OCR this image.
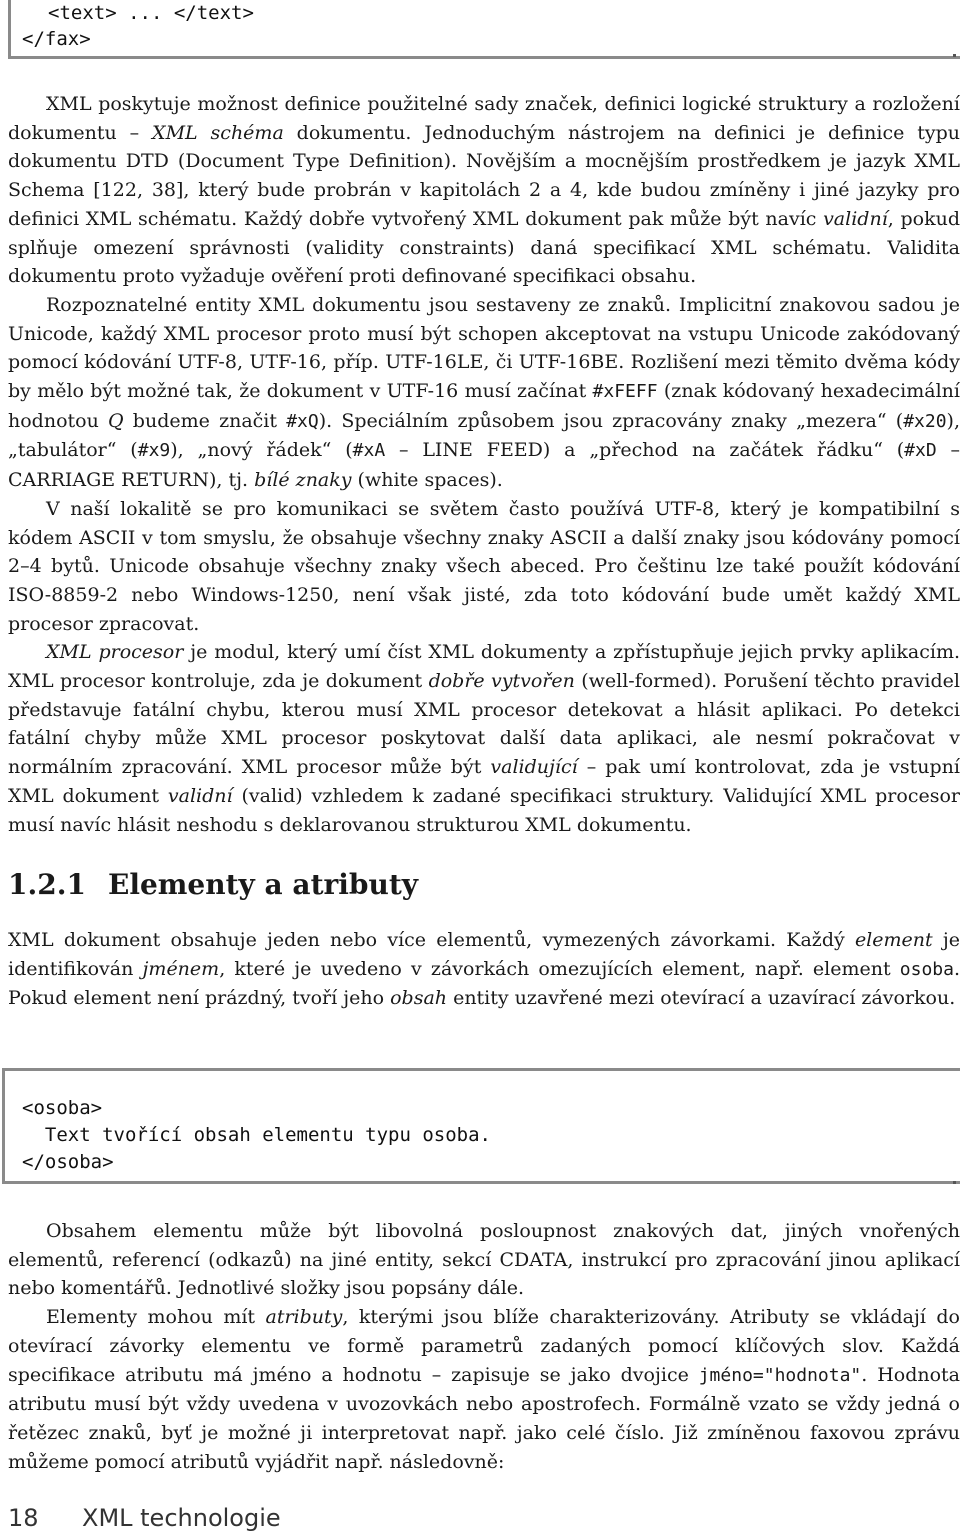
<text> ... </text>
</fax>

XML poskytuje možnost definice použitelné sady značek, definici logické struktury a rozložení dokumentu – XML schéma dokumentu. Jednoduchým nástrojem na definici je definice typu dokumentu DTD (Document Type Definition). Novějším a mocnějším prostředkem je jazyk XML Schema [122, 38], který bude probrán v kapitolách 2 a 4, kde budou zmíněny i jiné jazyky pro definici XML schématu. Každý dobře vytvořený XML dokument pak může být navíc validní, pokud splňuje omezení správnosti (validity constraints) daná specifikací XML schématu. Validita dokumentu proto vyžaduje ověření proti definované specifikaci obsahu.

Rozpoznatelné entity XML dokumentu jsou sestaveny ze znaků. Implicitní znakovou sadou je Unicode, každý XML procesor proto musí být schopen akceptovat na vstupu Unicode zakódovaný pomocí kódování UTF-8, UTF-16, příp. UTF-16LE, či UTF-16BE. Rozlišení mezi těmito dvěma kódy by mělo být možné tak, že dokument v UTF-16 musí začínat #xFEFF (znak kódovaný hexadecimální hodnotou Q budeme značit #xQ). Speciálním způsobem jsou zpracovány znaky „mezera“ (#x20), „tabulátor“ (#x9), „nový řádek“ (#xA – LINE FEED) a „přechod na začátek řádku“ (#xD – CARRIAGE RETURN), tj. bílé znaky (white spaces).

V naší lokalitě se pro komunikaci se světem často používá UTF-8, který je kompatibilní s kódem ASCII v tom smyslu, že obsahuje všechny znaky ASCII a další znaky jsou kódovány pomocí 2–4 bytů. Unicode obsahuje všechny znaky všech abeced. Pro češtinu lze také použít kódování ISO-8859-2 nebo Windows-1250, není však jisté, zda toto kódování bude umět každý XML procesor zpracovat.

XML procesor je modul, který umí číst XML dokumenty a zpřístupňuje jejich prvky aplikacím. XML procesor kontroluje, zda je dokument dobře vytvořen (well-formed). Porušení těchto pravidel představuje fatální chybu, kterou musí XML procesor detekovat a hlásit aplikaci. Po detekci fatální chyby může XML procesor poskytovat další data aplikaci, ale nesmí pokračovat v normálním zpracování. XML procesor může být validující – pak umí kontrolovat, zda je vstupní XML dokument validní (valid) vzhledem k zadané specifikaci struktury. Validující XML procesor musí navíc hlásit neshodu s deklarovanou strukturou XML dokumentu.

1.2.1 Elementy a atributy

XML dokument obsahuje jeden nebo více elementů, vymezených závorkami. Každý element je identifikován jménem, které je uvedeno v závorkách omezujících element, např. element osoba. Pokud element není prázdný, tvoří jeho obsah entity uzavřené mezi otevírací a uzavírací závorkou.

<osoba>
Text tvořící obsah elementu typu osoba.
</osoba>

Obsahem elementu může být libovolná posloupnost znakových dat, jiných vnořených elementů, referencí (odkazů) na jiné entity, sekcí CDATA, instrukcí pro zpracování jinou aplikací nebo komentářů. Jednotlivé složky jsou popsány dále.

Elementy mohou mít atributy, kterými jsou blíže charakterizovány. Atributy se vkládají do otevírací závorky elementu ve formě parametrů zadaných pomocí klíčových slov. Každá specifikace atributu má jméno a hodnotu – zapisuje se jako dvojice jméno="hodnota". Hodnota atributu musí být vždy uvedena v uvozovkách nebo apostrofech. Formálně vzato se vždy jedná o řetězec znaků, byť je možné ji interpretovat např. jako celé číslo. Již zmíněnou faxovou zprávu můžeme pomocí atributů vyjádřit např. následovně:

18 XML technologie
